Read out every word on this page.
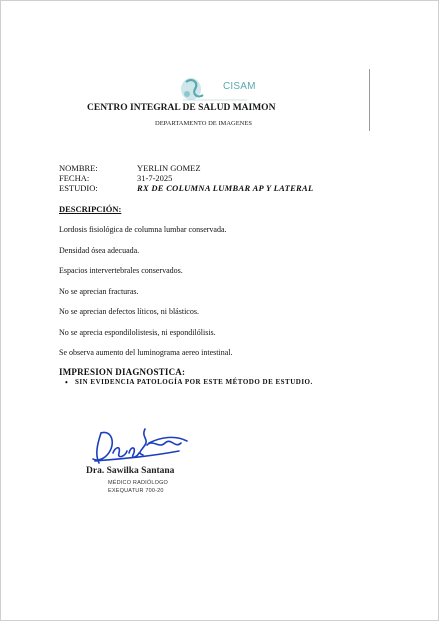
CISAM
CENTRO INTEGRAL DE SALUD MAIMON
DEPARTAMENTO DE IMAGENES
NOMBRE:	YERLIN GOMEZ
FECHA:	31-7-2025
ESTUDIO:	RX DE COLUMNA LUMBAR AP Y LATERAL
DESCRIPCIÓN:
Lordosis fisiológica de columna lumbar conservada.
Densidad ósea adecuada.
Espacios intervertebrales conservados.
No se aprecian fracturas.
No se aprecian defectos líticos, ni blásticos.
No se aprecia espondilolistesis, ni espondilólisis.
Se observa aumento del luminograma aereo intestinal.
IMPRESION DIAGNOSTICA:
• SIN EVIDENCIA PATOLOGÍA POR ESTE MÉTODO DE ESTUDIO.
Dra. Sawilka Santana
MÉDICO RADIÓLOGO
EXEQUATUR 700-20
